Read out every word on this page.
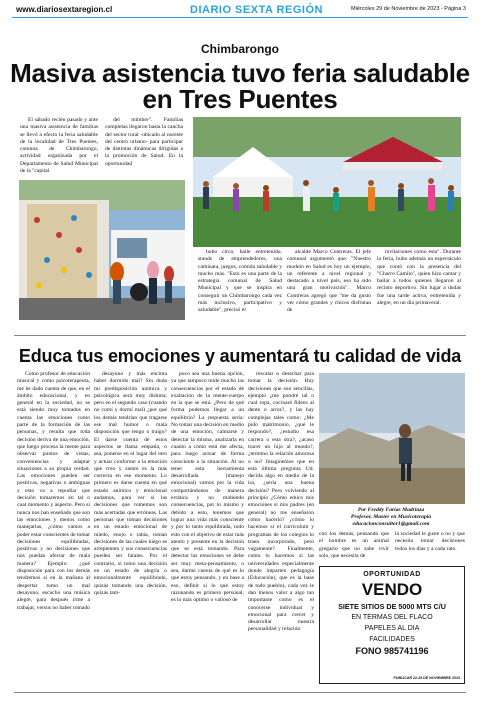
www.diariosextaregion.cl	DIARIO SEXTA REGIÓN	Miércoles 29 de Noviembre de 2023 - Página 3
Chimbarongo
Masiva asistencia tuvo feria saludable en Tres Puentes

El sábado recién pasado y ante una masiva asistencia de familias se llevó a efecto la feria saludable de la localidad de Tres Puentes, comuna de Chimbarongo, actividad organizada por el Departamento de Salud Municipal de la "capital

del mimbre". Familias completas llegaron hasta la cancha del sector rural -ubicado al noreste del centro urbano- para participar de distintas dinámicas dirigidas a la promoción de Salud. En la oportunidad

hubo circo, baile entretenido, stands de emprendedores, una caminata, juegos, comida saludable y mucho más. "Esto es una parte de la estrategia comunal de Salud Municipal y que se inspira en conseguir un Chimbarongo cada vez más inclusivo, participativo y saludable", precisó el

alcalde Marco Contreras. El jefe comunal argumentó que: "Nuestro modelo en Salud es hoy un ejemplo, un referente a nivel regional y destacado a nivel país, eso ha sido una gran motivación". Marco Contreras agregó que "me da gusto ver cómo grandes y chicos disfrutan de

invitaciones como ésta". Durante la feria, hubo además un espectáculo que contó con la presencia del "Charro Camilo", quien hizo cantar y bailar a todos quienes llegaron al recinto deportivo. Sin lugar a dudas fue una tarde activa, entretenida y alegre, en un día primaveral.

Educa tus emociones y aumentará tu calidad de vida

Como profesor de educación musical y como psicoterapeuta, me he dado cuenta de que, en el ámbito educacional, y en general en la sociedad, no se está siendo muy tomados en cuenta las emociones como parte de la formación de las personas, y resulta que toda decisión deriva de una emoción, que luego procesa la mente para observar puntos de vistas, conveniencias y adaptar situaciones a su propia verdad. Las emociones pueden ser positivas, negativas o ambiguas y esto va a repudiar que decisión tomaremos en tal o cual momento y aspecto. Pero si nunca nos han enseñado que son las emociones y menos como manejarlas, ¿cómo vamos a poder estar conscientes de tomar decisiones equilibradas, positivas y no decisiones que nos puedan afectar de mala manera? Ejemplo: ¿qué disposición para con los demás tendremos si en la mañana al despertar tomo un mal desayuno, escucho una música alegre, para después irme a trabajar, versus no haber tomado

desayuno y más encima haber dormido mal? Sin duda mi predisposición anímica y psicológica será muy distinta; pero en el segundo caso (cuando no comí y dormí mal) ¿por qué los demás tendrían que tragarse ese mal humor o mala disposición que tengo o traigo? El darse cuenta de estos aspectos se llama empatía, o sea, ponerse en el lugar del otro y actuar conforme a la emoción que creo y siento es la más correcta en ese momento. Lo primero es darse cuenta en qué estado anímico y emocional andamos, para ver si las decisiones que tomemos son más acertadas que erróneas. Las personas que toman decisiones en un estado emocional de miedo, enojo o rabia, toman decisiones de las cuales luego se arrepienten y sus consecuencias pueden ser fatales. Por el contrario, si tomo una decisión en un estado de alegría o emocionalmente equilibrado, quizás tomando una decisión, quizás tam-

poco sea una buena opción, ya que tampoco mide mucho las consecuencias por el estado de exaltación de la mente-cuerpo en la que se está. ¿Pero de qué forma podemos llegar a un equilibrio? La respuesta sería: No tomar una decisión en medio de una emoción, calmarse y detectar la misma, analizarla en cuanto a cómo está me afecta, para luego actuar de forma consciente a la situación. Al no tener esta herramienta desarrollada (manejo emocional) vamos por la vida comportándonos de manera errática y no midiendo consecuencias, por lo mismo y debido a esto, tenemos que lograr una vida más consciente y por lo tanto equilibrada, todo esto con el objetivo de estar más atento y presente en la decisión que se está tomando. Para detectar las emociones se debe ser muy meta-pensamiento, o sea, darme cuenta de qué es lo que estoy pensando, y en base a eso, definir si lo que estoy razonando es primero personal, es lo más óptimo o valioso de

rescatar o desechar para tomar la decisión. Hay decisiones que son sencillas, ejemplo ¿me pondré tal o cual ropa, cocinaré fideos al dente o arroz?, y las hay complejas tales como: ¿Me pido matrimonio, ¿qué le respondo?, ¿estudio esa carrera o esta otra?, ¿acaso tracer un hijo al mundo?, ¿termino la relación amorosa o no? Imaginemos que en esta última pregunta Ud. decida algo en medio de la ira, ¿sería una buena decisión? Pero volviendo al principio ¿Cómo educo mis emociones si mis padres (en general) no me enseñaron cómo hacerlo? ¿cómo lo hacemos si el currículum y programas de los colegios lo traen incorporado, pero vagamente? Finalmente, como lo hacemos si las universidades especialmente donde imparten pedagogía (Educación), que es la base de todo pueblo), cada vez le dan menos valor a algo tan importante como es el conocerse individual y emocional para crecer y desarrollar nuestra personalidad y relación

Por Freddy Farías Madriaza
Profesor, Master en Musicoterapia
educacionconsultor1@gmail.com

con los demás, pensando que el hombre es un animal gregario que no sabe vivir solo, que necesita de

la sociedad le guste o no y que necesita tomar decisiones todos los días y a cada rato.

OPORTUNIDAD
VENDO
SIETE SITIOS DE 5000 MTS C/U
EN TERMAS DEL FLACO
PAPELES AL DIA
FACILIDADES
FONO 985741196
PUBLICAR 22-29 DE NOVIEMBRE 2023
